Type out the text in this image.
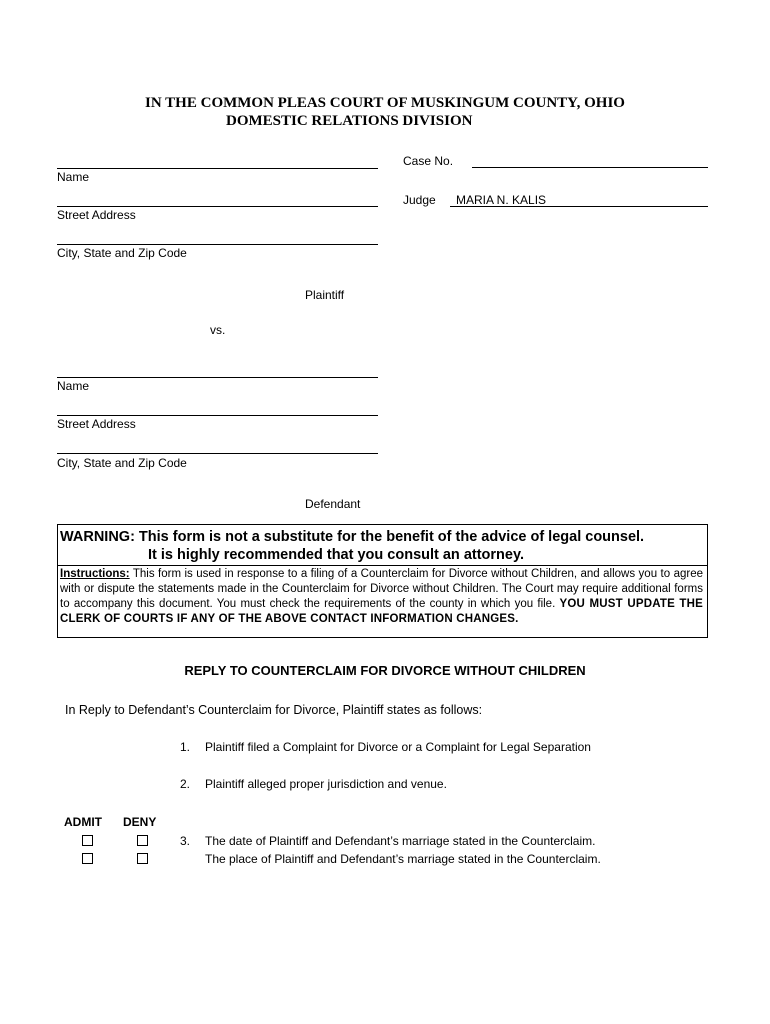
IN THE COMMON PLEAS COURT OF MUSKINGUM COUNTY, OHIO
DOMESTIC RELATIONS DIVISION
Name
Street Address
City, State and Zip Code
Plaintiff
Case No.
Judge MARIA N. KALIS
vs.
Name
Street Address
City, State and Zip Code
Defendant
WARNING: This form is not a substitute for the benefit of the advice of legal counsel.
It is highly recommended that you consult an attorney.
Instructions: This form is used in response to a filing of a Counterclaim for Divorce without Children, and allows you to agree with or dispute the statements made in the Counterclaim for Divorce without Children. The Court may require additional forms to accompany this document. You must check the requirements of the county in which you file. YOU MUST UPDATE THE CLERK OF COURTS IF ANY OF THE ABOVE CONTACT INFORMATION CHANGES.
REPLY TO COUNTERCLAIM FOR DIVORCE WITHOUT CHILDREN
In Reply to Defendant’s Counterclaim for Divorce, Plaintiff states as follows:
1. Plaintiff filed a Complaint for Divorce or a Complaint for Legal Separation
2. Plaintiff alleged proper jurisdiction and venue.
ADMIT DENY
3. The date of Plaintiff and Defendant’s marriage stated in the Counterclaim.
The place of Plaintiff and Defendant’s marriage stated in the Counterclaim.
